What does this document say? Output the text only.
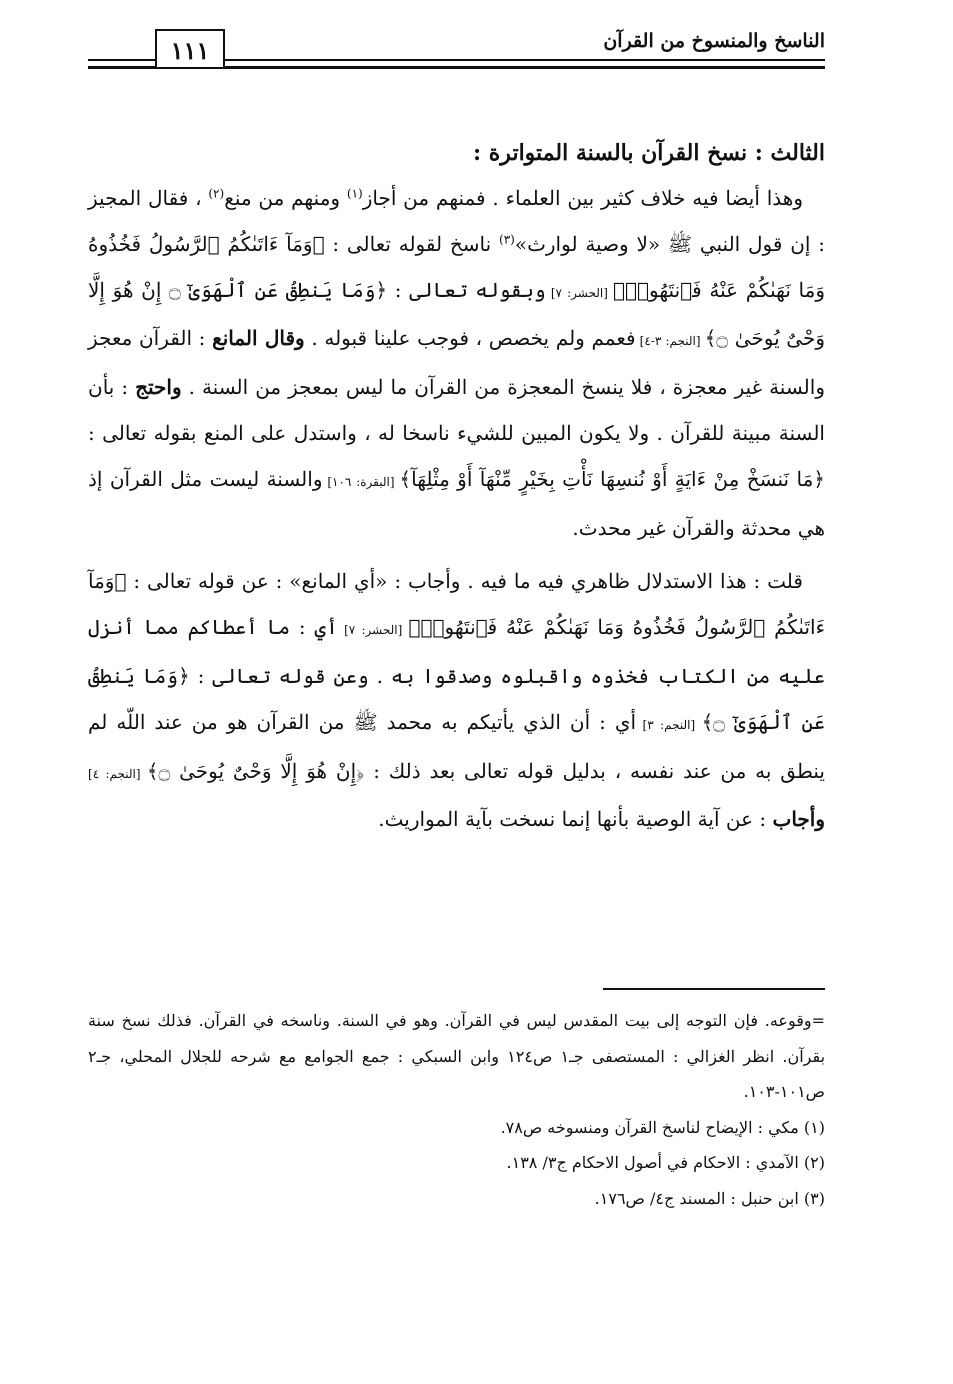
الناسخ والمنسوخ من القرآن
١١١
الثالث : نسخ القرآن بالسنة المتواترة :

وهذا أيضا فيه خلاف كثير بين العلماء . فمنهم من أجاز$^{(١)}$ ومنهم من منع$^{(٢)}$ ، فقال المجيز : إن قول النبي ﷺ «لا وصية لوارث»$^{(٣)}$ ناسخ لقوله تعالى : ﴿وَمَآ ءَاتَىٰكُمُ ٱلرَّسُولُ فَخُذُوهُ وَمَا نَهَىٰكُمْ عَنْهُ فَٱنتَهُوا۟﴾ [الحشر: ٧] وبقوله تعالى : ﴿وَمَا يَنطِقُ عَنِ ٱلْهَوَىٰٓ ۝ إِنْ هُوَ إِلَّا وَحْىٌ يُوحَىٰ ۝﴾ [النجم: ٣-٤] فعمم ولم يخصص ، فوجب علينا قبوله . وقال المانع : القرآن معجز والسنة غير معجزة ، فلا ينسخ المعجزة من القرآن ما ليس بمعجز من السنة . واحتج : بأن السنة مبينة للقرآن . ولا يكون المبين للشيء ناسخا له ، واستدل على المنع بقوله تعالى : ﴿مَا نَنسَخْ مِنْ ءَايَةٍ أَوْ نُنسِهَا نَأْتِ بِخَيْرٍ مِّنْهَآ أَوْ مِثْلِهَآ﴾ [البقرة: ١٠٦] والسنة ليست مثل القرآن إذ هي محدثة والقرآن غير محدث.

قلت : هذا الاستدلال ظاهري فيه ما فيه . وأجاب : «أي المانع» : عن قوله تعالى : ﴿وَمَآ ءَاتَىٰكُمُ ٱلرَّسُولُ فَخُذُوهُ وَمَا نَهَىٰكُمْ عَنْهُ فَٱنتَهُوا۟﴾ [الحشر: ٧] أي : ما أعطاكم مما أنزل عليه من الكتاب فخذوه واقبلوه وصدقوا به . وعن قوله تعالى : ﴿وَمَا يَنطِقُ عَنِ ٱلْهَوَىٰٓ ۝﴾ [النجم: ٣] أي : أن الذي يأتيكم به محمد ﷺ من القرآن هو من عند اللّه لم ينطق به من عند نفسه ، بدليل قوله تعالى بعد ذلك : ﴿إِنْ هُوَ إِلَّا وَحْىٌ يُوحَىٰ ۝﴾ [النجم: ٤] وأجاب : عن آية الوصية بأنها إنما نسخت بآية المواريث.

=وقوعه. فإن التوجه إلى بيت المقدس ليس في القرآن. وهو في السنة. وناسخه في القرآن. فذلك نسخ سنة بقرآن. انظر الغزالي : المستصفى جـ١ ص١٢٤ وابن السبكي : جمع الجوامع مع شرحه للجلال المحلي، جـ٢ ص١٠١-١٠٣.

(١) مكي : الإيضاح لناسخ القرآن ومنسوخه ص٧٨.

(٢) الآمدي : الاحكام في أصول الاحكام ج٣/ ١٣٨.

(٣) ابن حنبل : المسند ج٤/ ص١٧٦.
